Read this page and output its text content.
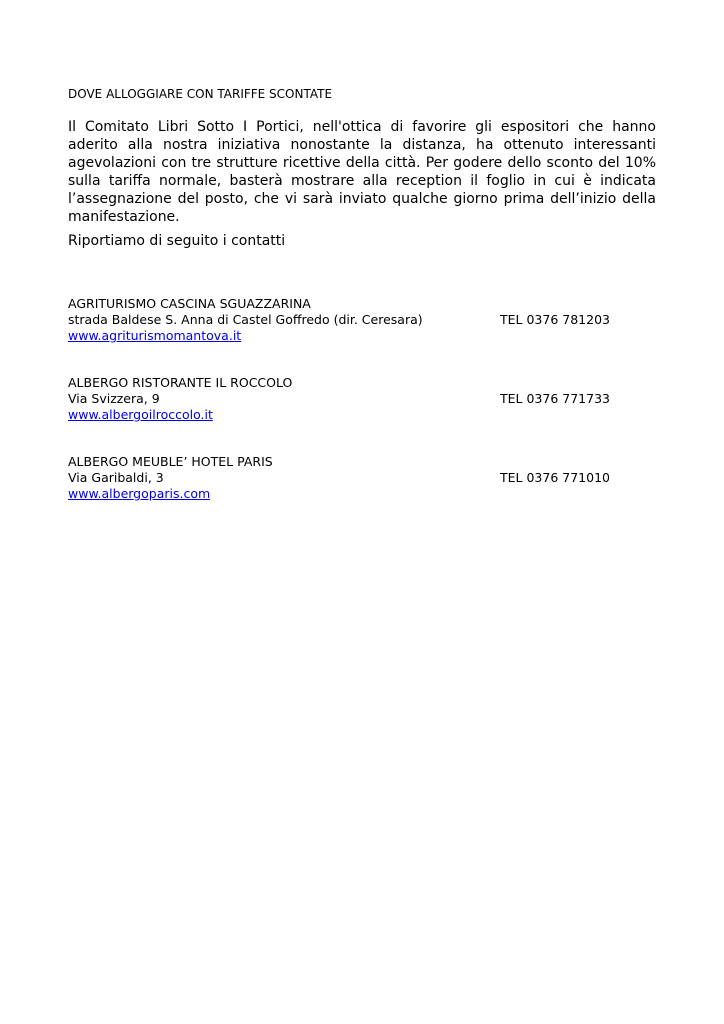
DOVE ALLOGGIARE CON TARIFFE SCONTATE
Il Comitato Libri Sotto I Portici, nell'ottica di favorire gli espositori che hanno aderito alla nostra iniziativa nonostante la distanza, ha ottenuto interessanti agevolazioni con tre strutture ricettive della città. Per godere dello sconto del 10% sulla tariffa normale, basterà mostrare alla reception il foglio in cui è indicata l’assegnazione del posto, che vi sarà inviato qualche giorno prima dell’inizio della manifestazione.
Riportiamo di seguito i contatti
AGRITURISMO CASCINA SGUAZZARINA
strada Baldese S. Anna di Castel Goffredo (dir. Ceresara)
www.agriturismomantova.it
TEL 0376 781203
ALBERGO RISTORANTE IL ROCCOLO
Via Svizzera, 9
www.albergoilroccolo.it
TEL 0376 771733
ALBERGO MEUBLE’ HOTEL PARIS
Via Garibaldi, 3
www.albergoparis.com
TEL 0376 771010
